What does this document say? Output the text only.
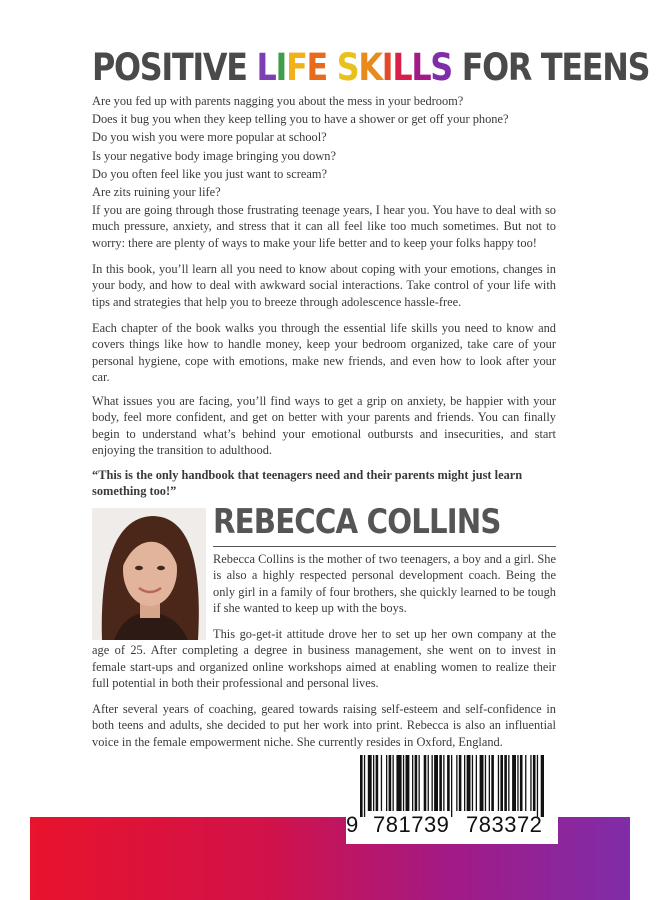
POSITIVE LIFE SKILLS FOR TEENS
Are you fed up with parents nagging you about the mess in your bedroom?
Does it bug you when they keep telling you to have a shower or get off your phone?
Do you wish you were more popular at school?
Is your negative body image bringing you down?
Do you often feel like you just want to scream?
Are zits ruining your life?

If you are going through those frustrating teenage years, I hear you. You have to deal with so much pressure, anxiety, and stress that it can all feel like too much sometimes. But not to worry: there are plenty of ways to make your life better and to keep your folks happy too!

In this book, you’ll learn all you need to know about coping with your emotions, changes in your body, and how to deal with awkward social interactions. Take control of your life with tips and strategies that help you to breeze through adolescence hassle-free.

Each chapter of the book walks you through the essential life skills you need to know and covers things like how to handle money, keep your bedroom organized, take care of your personal hygiene, cope with emotions, make new friends, and even how to look after your car.

What issues you are facing, you’ll find ways to get a grip on anxiety, be happier with your body, feel more confident, and get on better with your parents and friends. You can finally begin to understand what’s behind your emotional outbursts and insecurities, and start enjoying the transition to adulthood.

“This is the only handbook that teenagers need and their parents might just learn something too!”

REBECCA COLLINS

Rebecca Collins is the mother of two teenagers, a boy and a girl. She is also a highly respected personal development coach. Being the only girl in a family of four brothers, she quickly learned to be tough if she wanted to keep up with the boys.

This go-get-it attitude drove her to set up her own company at the age of 25. After completing a degree in business management, she went on to invest in female start-ups and organized online workshops aimed at enabling women to realize their full potential in both their professional and personal lives.

After several years of coaching, geared towards raising self-esteem and self-confidence in both teens and adults, she decided to put her work into print. Rebecca is also an influential voice in the female empowerment niche. She currently resides in Oxford, England.

9 781739 783372
